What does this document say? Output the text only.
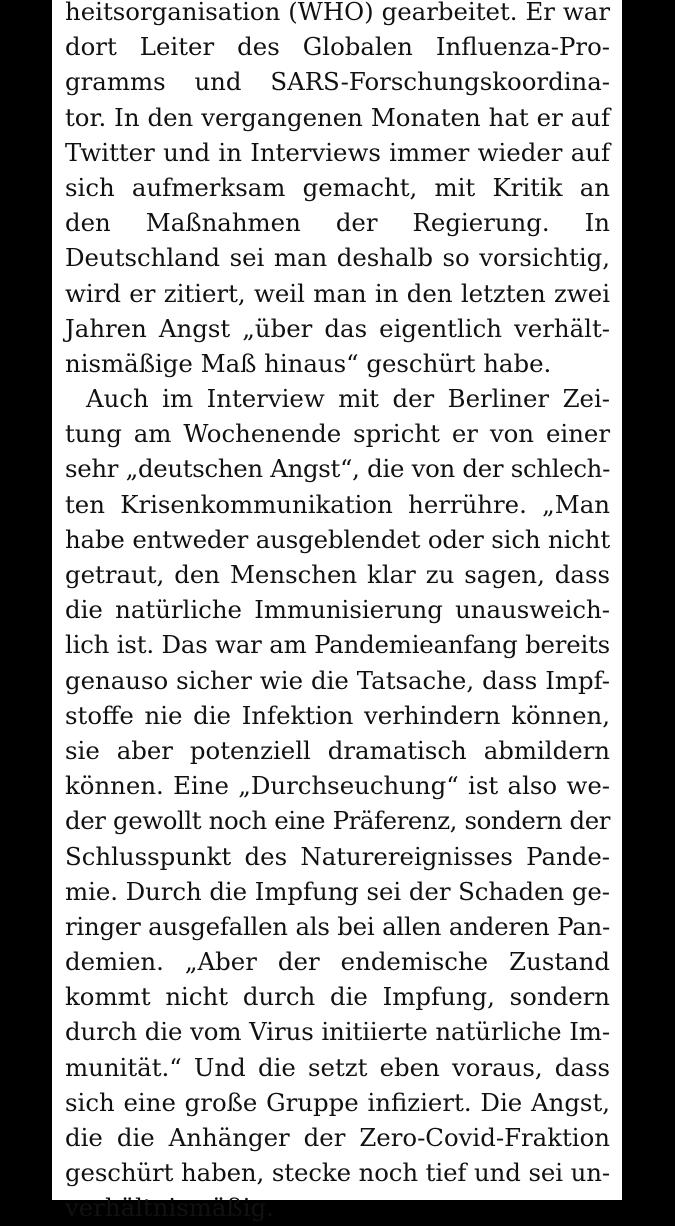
heitsorganisation (WHO) gearbeitet. Er war
dort Leiter des Globalen Influenza-Pro-
gramms und SARS-Forschungskoordina-
tor. In den vergangenen Monaten hat er auf
Twitter und in Interviews immer wieder auf
sich aufmerksam gemacht, mit Kritik an
den Maßnahmen der Regierung. In
Deutschland sei man deshalb so vorsichtig,
wird er zitiert, weil man in den letzten zwei
Jahren Angst „über das eigentlich verhält-
nismäßige Maß hinaus“ geschürt habe.
Auch im Interview mit der Berliner Zei-
tung am Wochenende spricht er von einer
sehr „deutschen Angst“, die von der schlech-
ten Krisenkommunikation herrühre. „Man
habe entweder ausgeblendet oder sich nicht
getraut, den Menschen klar zu sagen, dass
die natürliche Immunisierung unausweich-
lich ist. Das war am Pandemieanfang bereits
genauso sicher wie die Tatsache, dass Impf-
stoffe nie die Infektion verhindern können,
sie aber potenziell dramatisch abmildern
können. Eine „Durchseuchung“ ist also we-
der gewollt noch eine Präferenz, sondern der
Schlusspunkt des Naturereignisses Pande-
mie. Durch die Impfung sei der Schaden ge-
ringer ausgefallen als bei allen anderen Pan-
demien. „Aber der endemische Zustand
kommt nicht durch die Impfung, sondern
durch die vom Virus initiierte natürliche Im-
munität.“ Und die setzt eben voraus, dass
sich eine große Gruppe infiziert. Die Angst,
die die Anhänger der Zero-Covid-Fraktion
geschürt haben, stecke noch tief und sei un-
verhältnismäßig.
